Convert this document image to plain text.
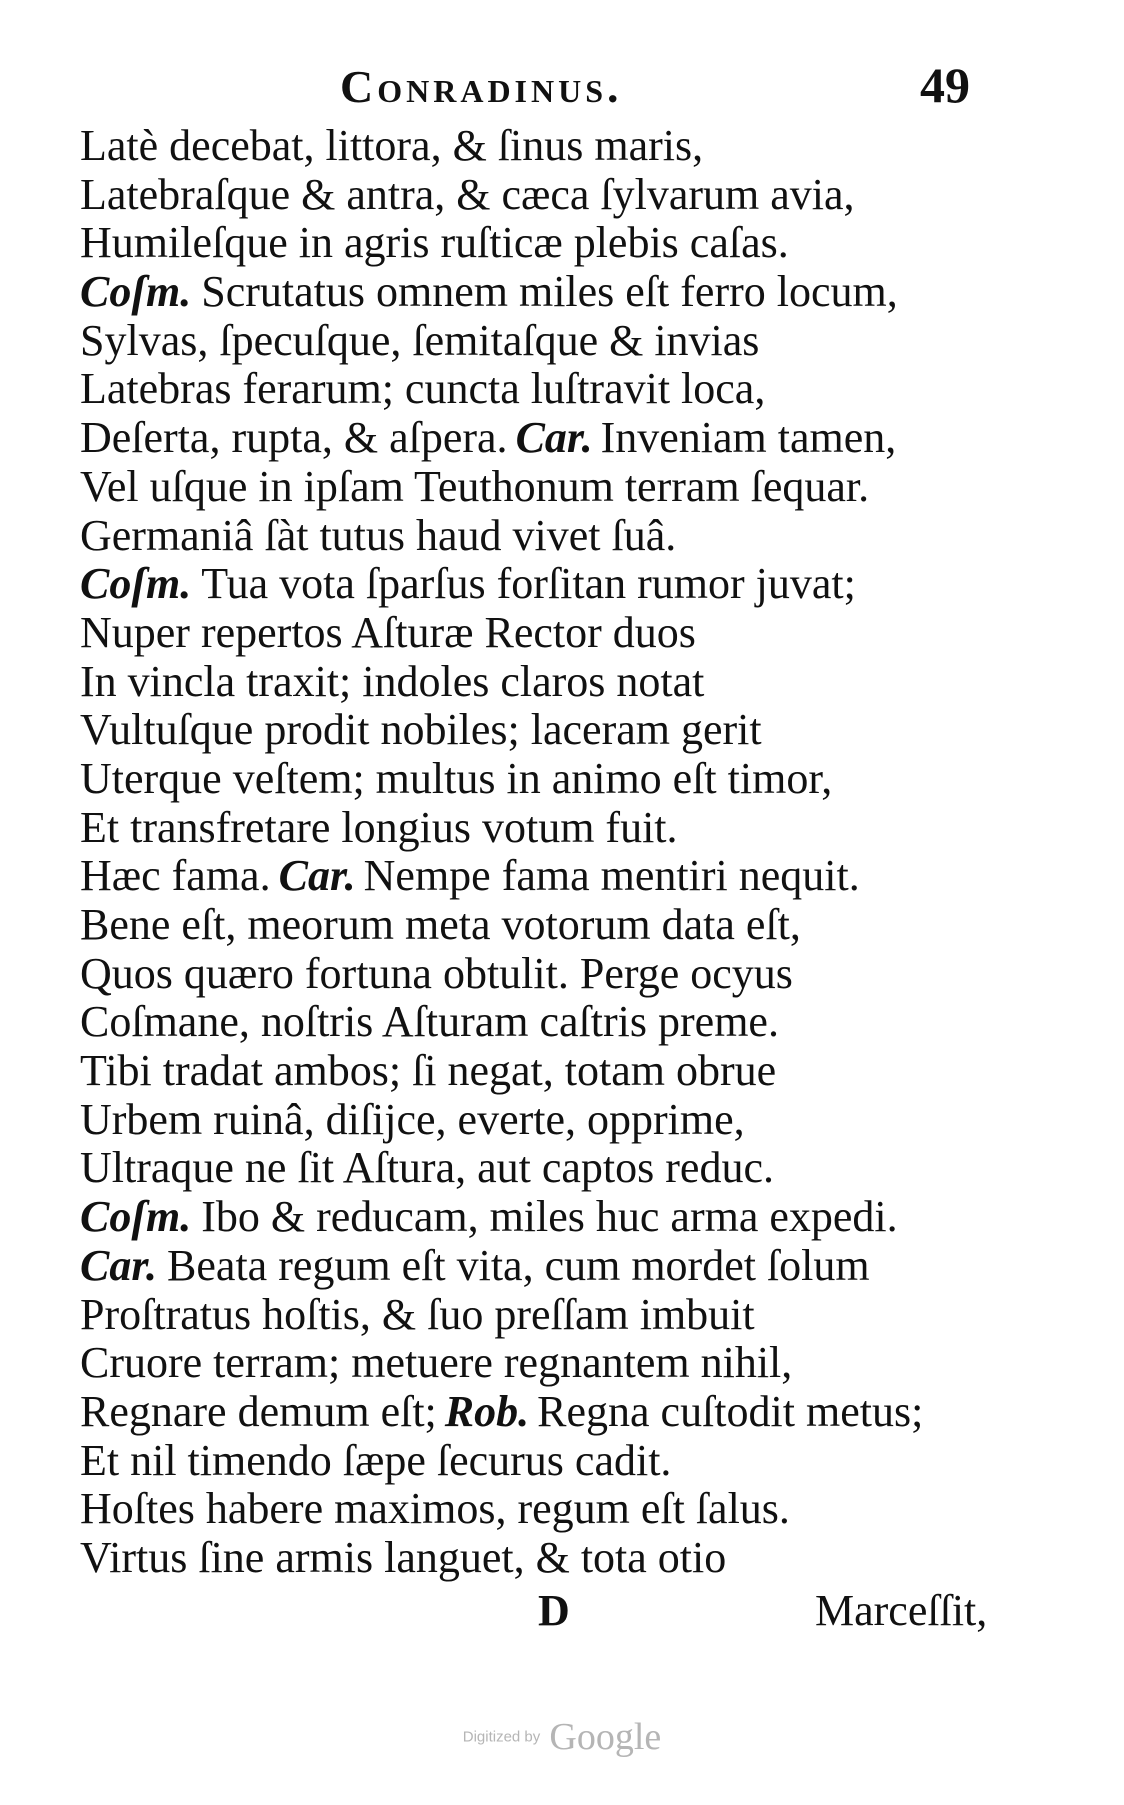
Conradinus.	49
Latè decebat, littora, & ſinus maris,
Latebraſque & antra, & cæca ſylvarum avia,
Humileſque in agris ruſticæ plebis caſas.
Coſm. Scrutatus omnem miles eſt ferro locum,
Sylvas, ſpecuſque, ſemitaſque & invias
Latebras ferarum; cuncta luſtravit loca,
Deſerta, rupta, & aſpera. Car. Inveniam tamen,
Vel uſque in ipſam Teuthonum terram ſequar.
Germaniâ ſàt tutus haud vivet ſuâ.
Coſm. Tua vota ſparſus forſitan rumor juvat;
Nuper repertos Aſturæ Rector duos
In vincla traxit; indoles claros notat
Vultuſque prodit nobiles; laceram gerit
Uterque veſtem; multus in animo eſt timor,
Et transfretare longius votum fuit.
Hæc fama. Car. Nempe fama mentiri nequit.
Bene eſt, meorum meta votorum data eſt,
Quos quæro fortuna obtulit. Perge ocyus
Coſmane, noſtris Aſturam caſtris preme.
Tibi tradat ambos; ſi negat, totam obrue
Urbem ruinâ, diſijce, everte, opprime,
Ultraque ne ſit Aſtura, aut captos reduc.
Coſm. Ibo & reducam, miles huc arma expedi.
Car. Beata regum eſt vita, cum mordet ſolum
Proſtratus hoſtis, & ſuo preſſam imbuit
Cruore terram; metuere regnantem nihil,
Regnare demum eſt; Rob. Regna cuſtodit metus;
Et nil timendo ſæpe ſecurus cadit.
Hoſtes habere maximos, regum eſt ſalus.
Virtus ſine armis languet, & tota otio
D	Marceſſit,
Digitized by Google
